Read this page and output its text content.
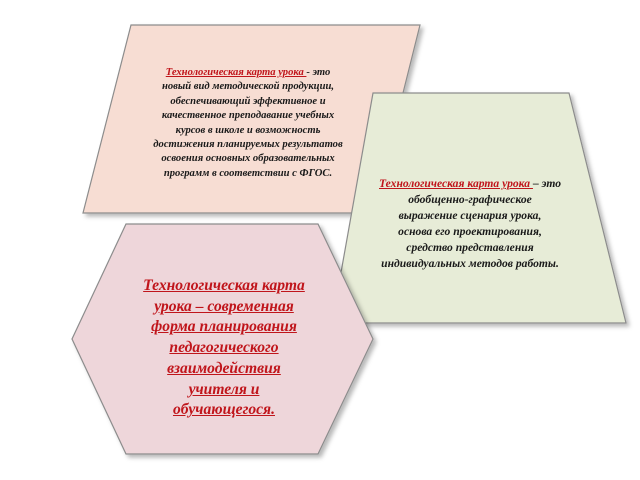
Технологическая карта урока - это
новый вид методической продукции,
обеспечивающий эффективное и
качественное преподавание учебных
курсов в школе и возможность
достижения планируемых результатов
освоения основных образовательных
программ в соответствии с ФГОС.
Технологическая карта урока – это
обобщенно-графическое
выражение сценария урока,
основа его проектирования,
средство представления
индивидуальных методов работы.
Технологическая карта
урока – современная
форма планирования
педагогического
взаимодействия
учителя и
обучающегося.
